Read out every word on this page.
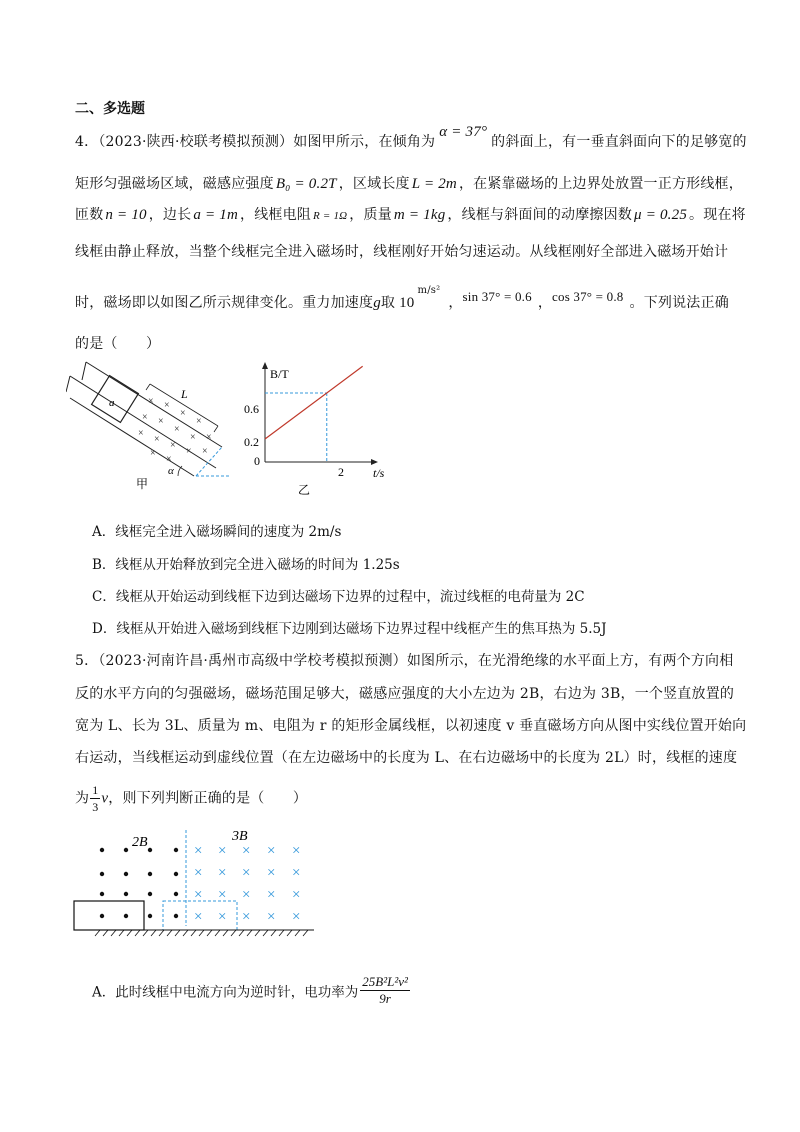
二、多选题
4．（2023·陕西·校联考模拟预测）如图甲所示，在倾角为α = 37°的斜面上，有一垂直斜面向下的足够宽的
矩形匀强磁场区域，磁感应强度 B₀ = 0.2T ，区域长度 L = 2m ，在紧靠磁场的上边界处放置一正方形线框，
匝数 n = 10 ，边长 a = 1m ，线框电阻 R = 1Ω ，质量 m = 1kg ，线框与斜面间的动摩擦因数 μ = 0.25 。现在将
线框由静止释放，当整个线框完全进入磁场时，线框刚好开始匀速运动。从线框刚好全部进入磁场开始计
时，磁场即以如图乙所示规律变化。重力加速度g取 $10^{m/s^2}$，sin 37° = 0.6 ，cos 37° = 0.8 。下列说法正确
的是（　　）
a
L
× ×
×
×
× ×
×
× ×
×
×
×
× ×
×
×
α
甲
B/T
t/s
0.6
0.2
0
2
乙
A．线框完全进入磁场瞬间的速度为 2m/s
B．线框从开始释放到完全进入磁场的时间为 1.25s
C．线框从开始运动到线框下边到达磁场下边界的过程中，流过线框的电荷量为 2C
D．线框从开始进入磁场到线框下边刚到达磁场下边界过程中线框产生的焦耳热为 5.5J
5．（2023·河南许昌·禹州市高级中学校考模拟预测）如图所示，在光滑绝缘的水平面上方，有两个方向相
反的水平方向的匀强磁场，磁场范围足够大，磁感应强度的大小左边为 2B，右边为 3B，一个竖直放置的
宽为 L、长为 3L、质量为 m、电阻为 r 的矩形金属线框，以初速度 v 垂直磁场方向从图中实线位置开始向
右运动，当线框运动到虚线位置（在左边磁场中的长度为 L、在右边磁场中的长度为 2L）时，线框的速度
为 $\frac{1}{3}$ v，则下列判断正确的是（　　）
2B	3B
× × × × ×
× × × × ×
× × × × ×
× × × × ×
A．此时线框中电流方向为逆时针，电功率为 $\frac{\text{25B²L²v²}}{9r}$
